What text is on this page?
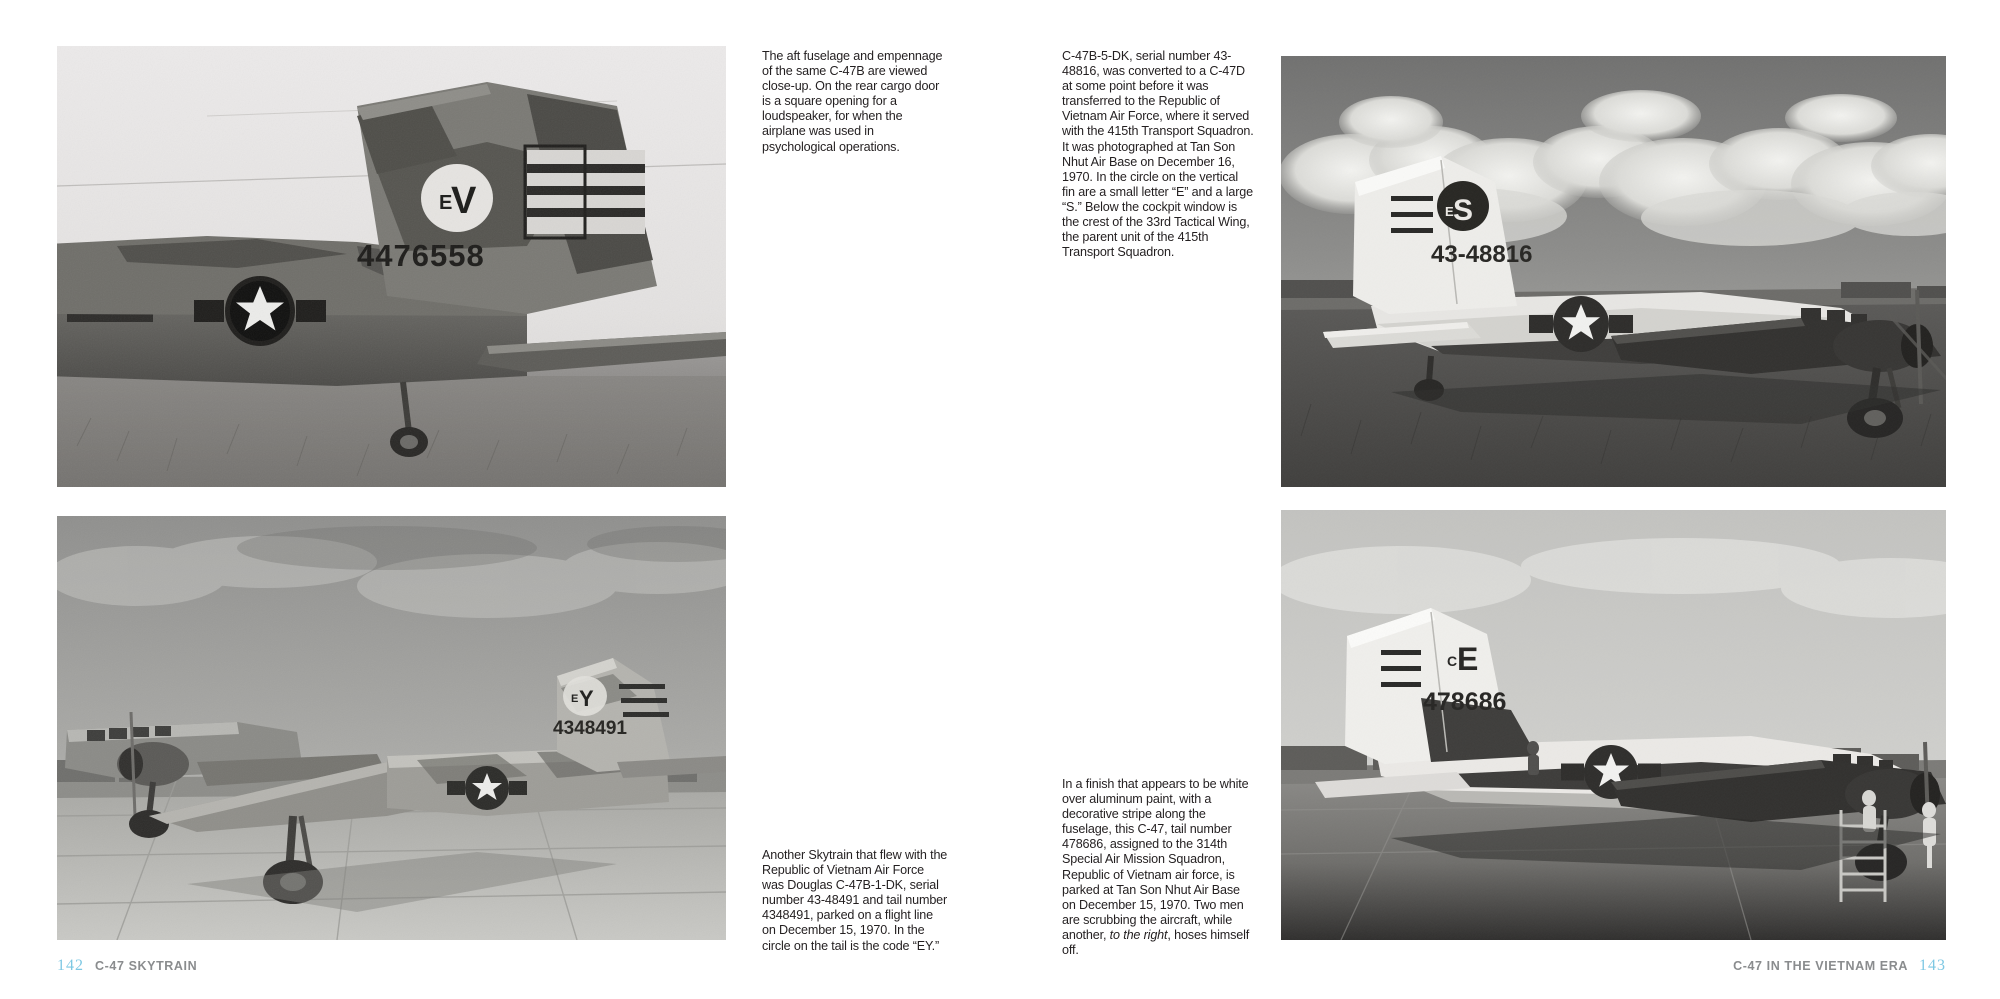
E
V
4476558
E Y
4348491
The aft fuselage and empennage of the same C-47B are viewed close-up. On the rear cargo door is a square opening for a loudspeaker, for when the airplane was used in psychological operations.
Another Skytrain that flew with the Republic of Vietnam Air Force was Douglas C-47B-1-DK, serial number 43-48491 and tail number 4348491, parked on a flight line on December 15, 1970. In the circle on the tail is the code “EY.”
142 C-47 SKYTRAIN
E S
43-48816
C E
478686
C-47B-5-DK, serial number 43-48816, was converted to a C-47D at some point before it was transferred to the Republic of Vietnam Air Force, where it served with the 415th Transport Squadron. It was photographed at Tan Son Nhut Air Base on December 16, 1970. In the circle on the vertical fin are a small letter “E” and a large “S.” Below the cockpit window is the crest of the 33rd Tactical Wing, the parent unit of the 415th Transport Squadron.
In a finish that appears to be white over aluminum paint, with a decorative stripe along the fuselage, this C-47, tail number 478686, assigned to the 314th Special Air Mission Squadron, Republic of Vietnam air force, is parked at Tan Son Nhut Air Base on December 15, 1970. Two men are scrubbing the aircraft, while another, to the right, hoses himself off.
C-47 IN THE VIETNAM ERA 143
